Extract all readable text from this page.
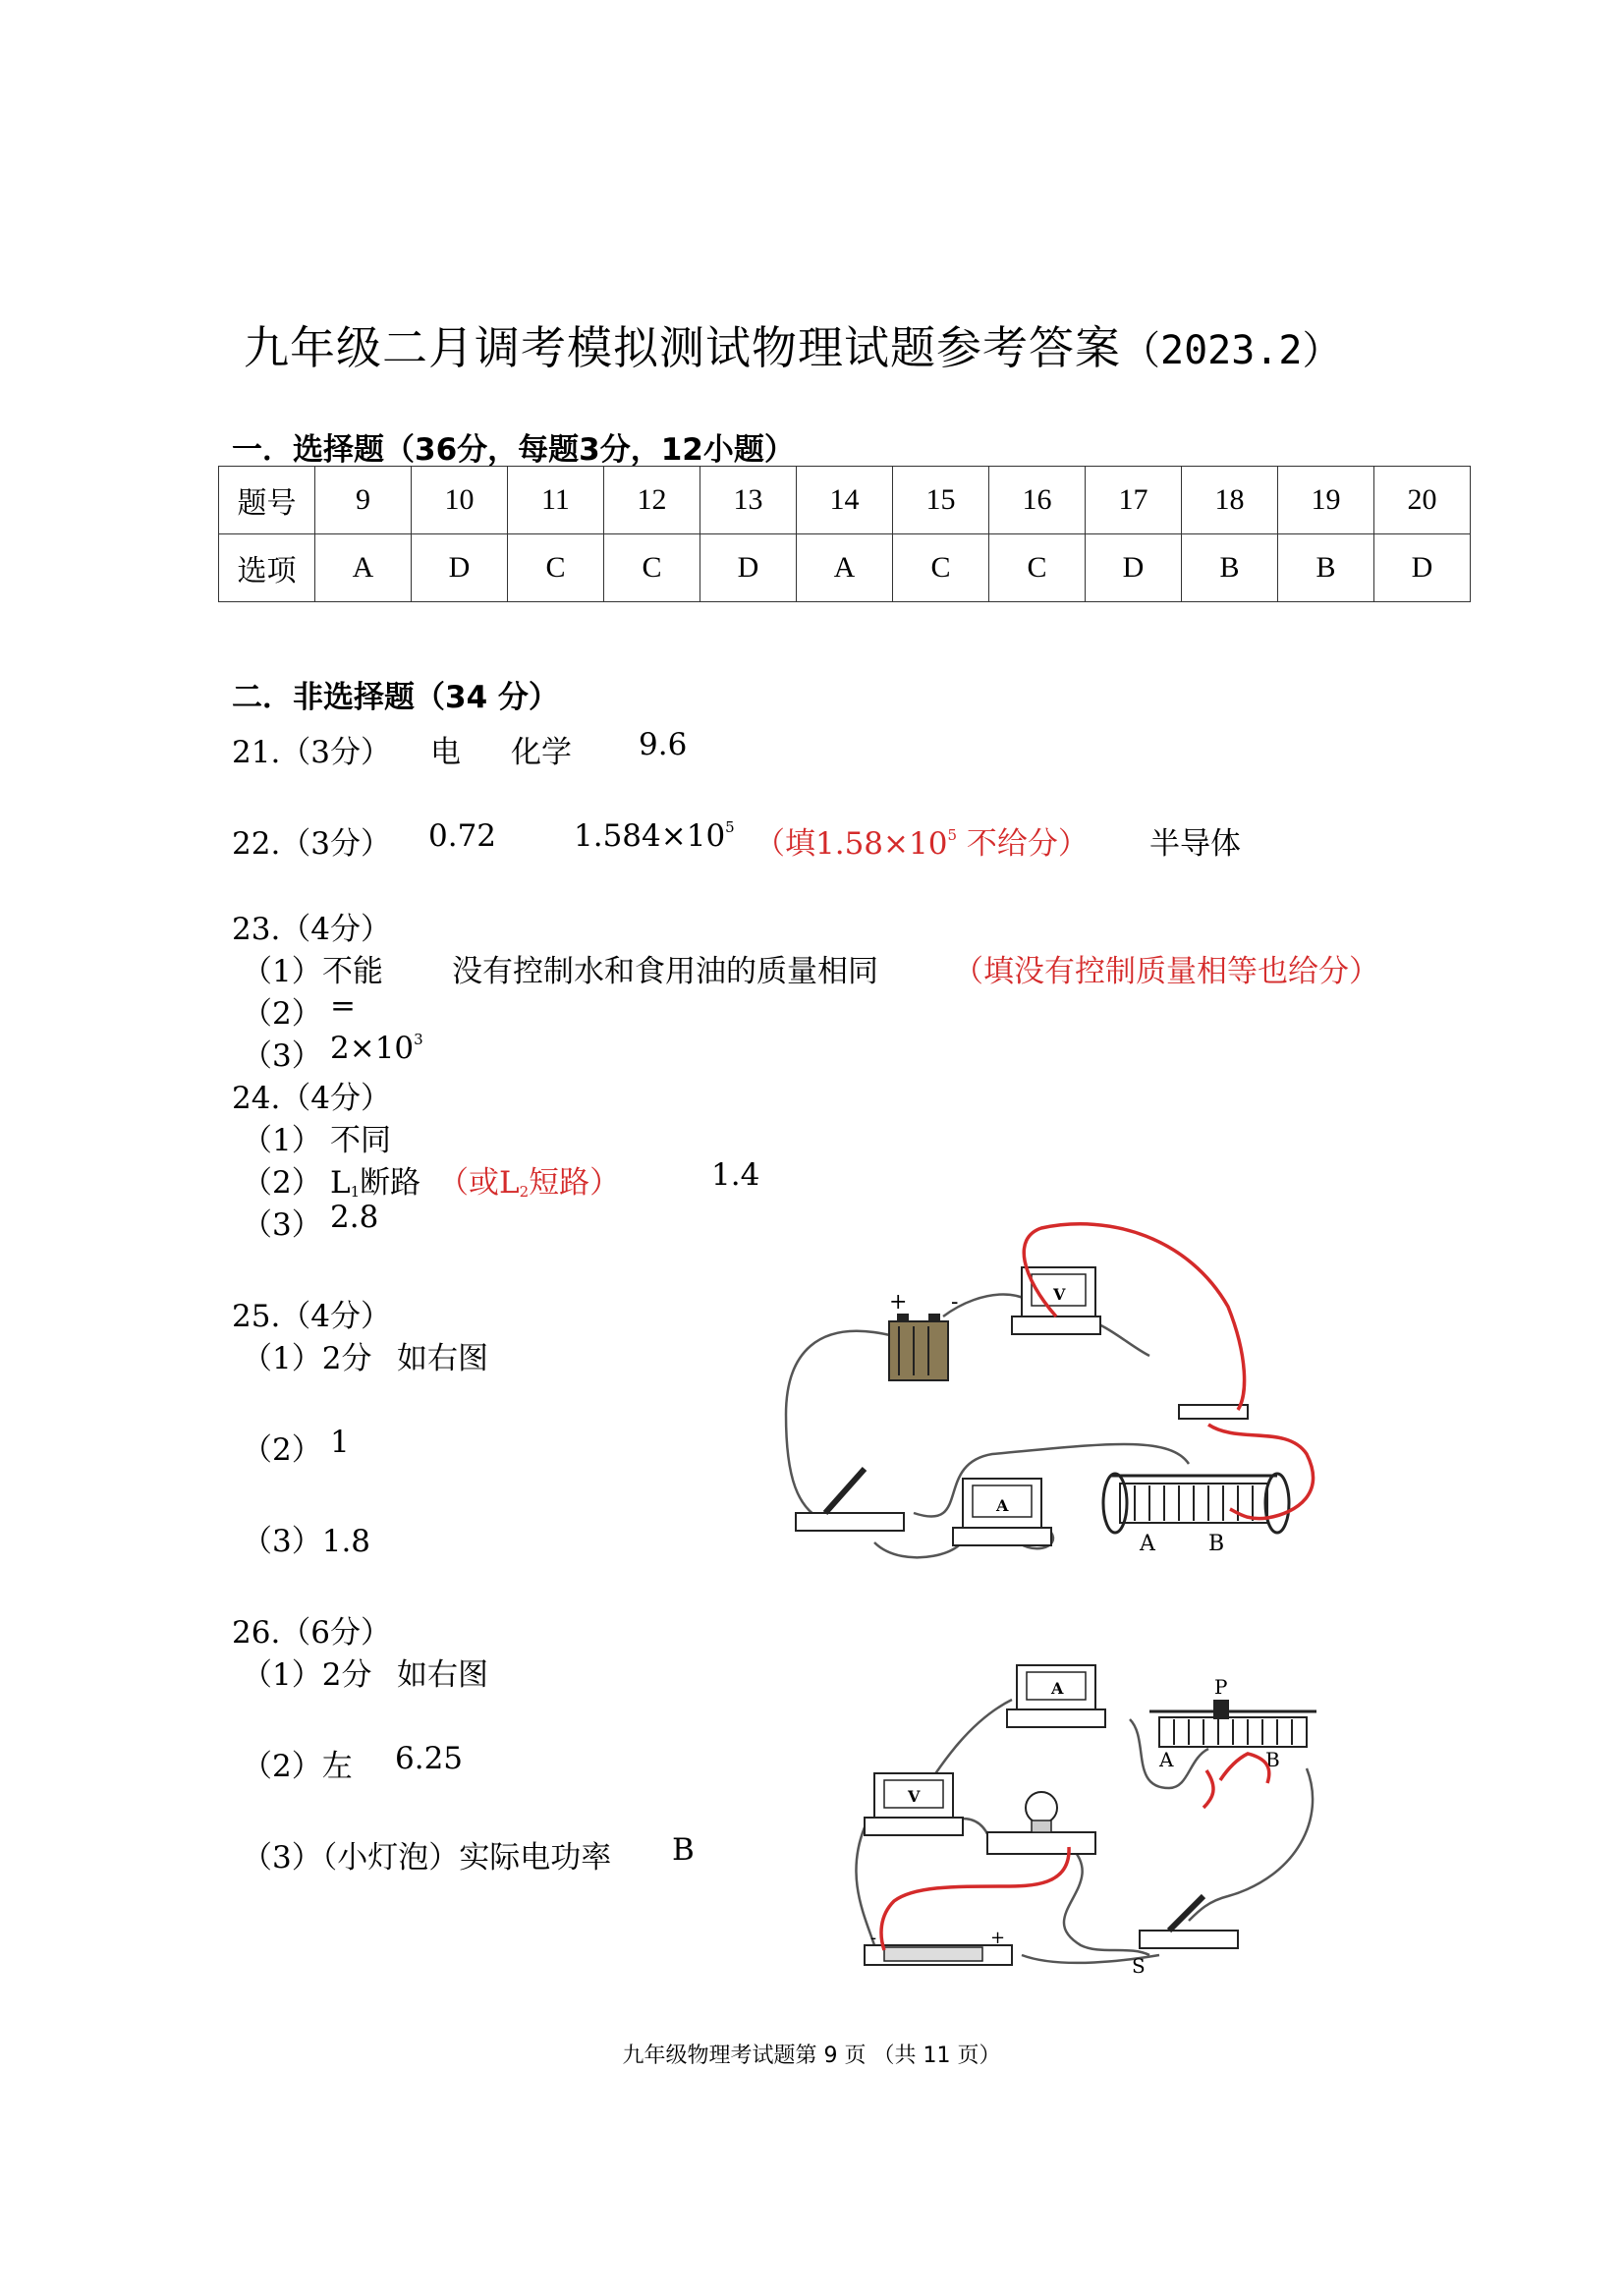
九年级二月调考模拟测试物理试题参考答案（2023.2）
一．选择题（36分，每题3分，12小题）
题号	9	10	11	12	13	14	15	16	17	18	19	20
选项	A	D	C	C	D	A	C	C	D	B	B	D
二．非选择题（34 分）
21.（3分） 电 化学 9.6
22.（3分） 0.72	$1.584\times 10^5$ （填$1.58\times 10^5$ 不给分） 半导体
23.（4分）
（1） 不能 没有控制水和食用油的质量相同 （填没有控制质量相等也给分）
（2） =
（3） $2\times 10^3$
24.（4分）
（1） 不同
（2） $L_1$断路 （或$L_2$短路）	1.4
（3） 2.8
25.（4分）
（1）2分 如右图
（2） 1
（3）1.8
26.（6分）
（1）2分 如右图
（2）左 6.25
（3）（小灯泡）实际电功率 B
+ -	V
A
A B
A
V
P
A	B
S
-	+
九年级物理考试题第 9 页 （共 11 页）
